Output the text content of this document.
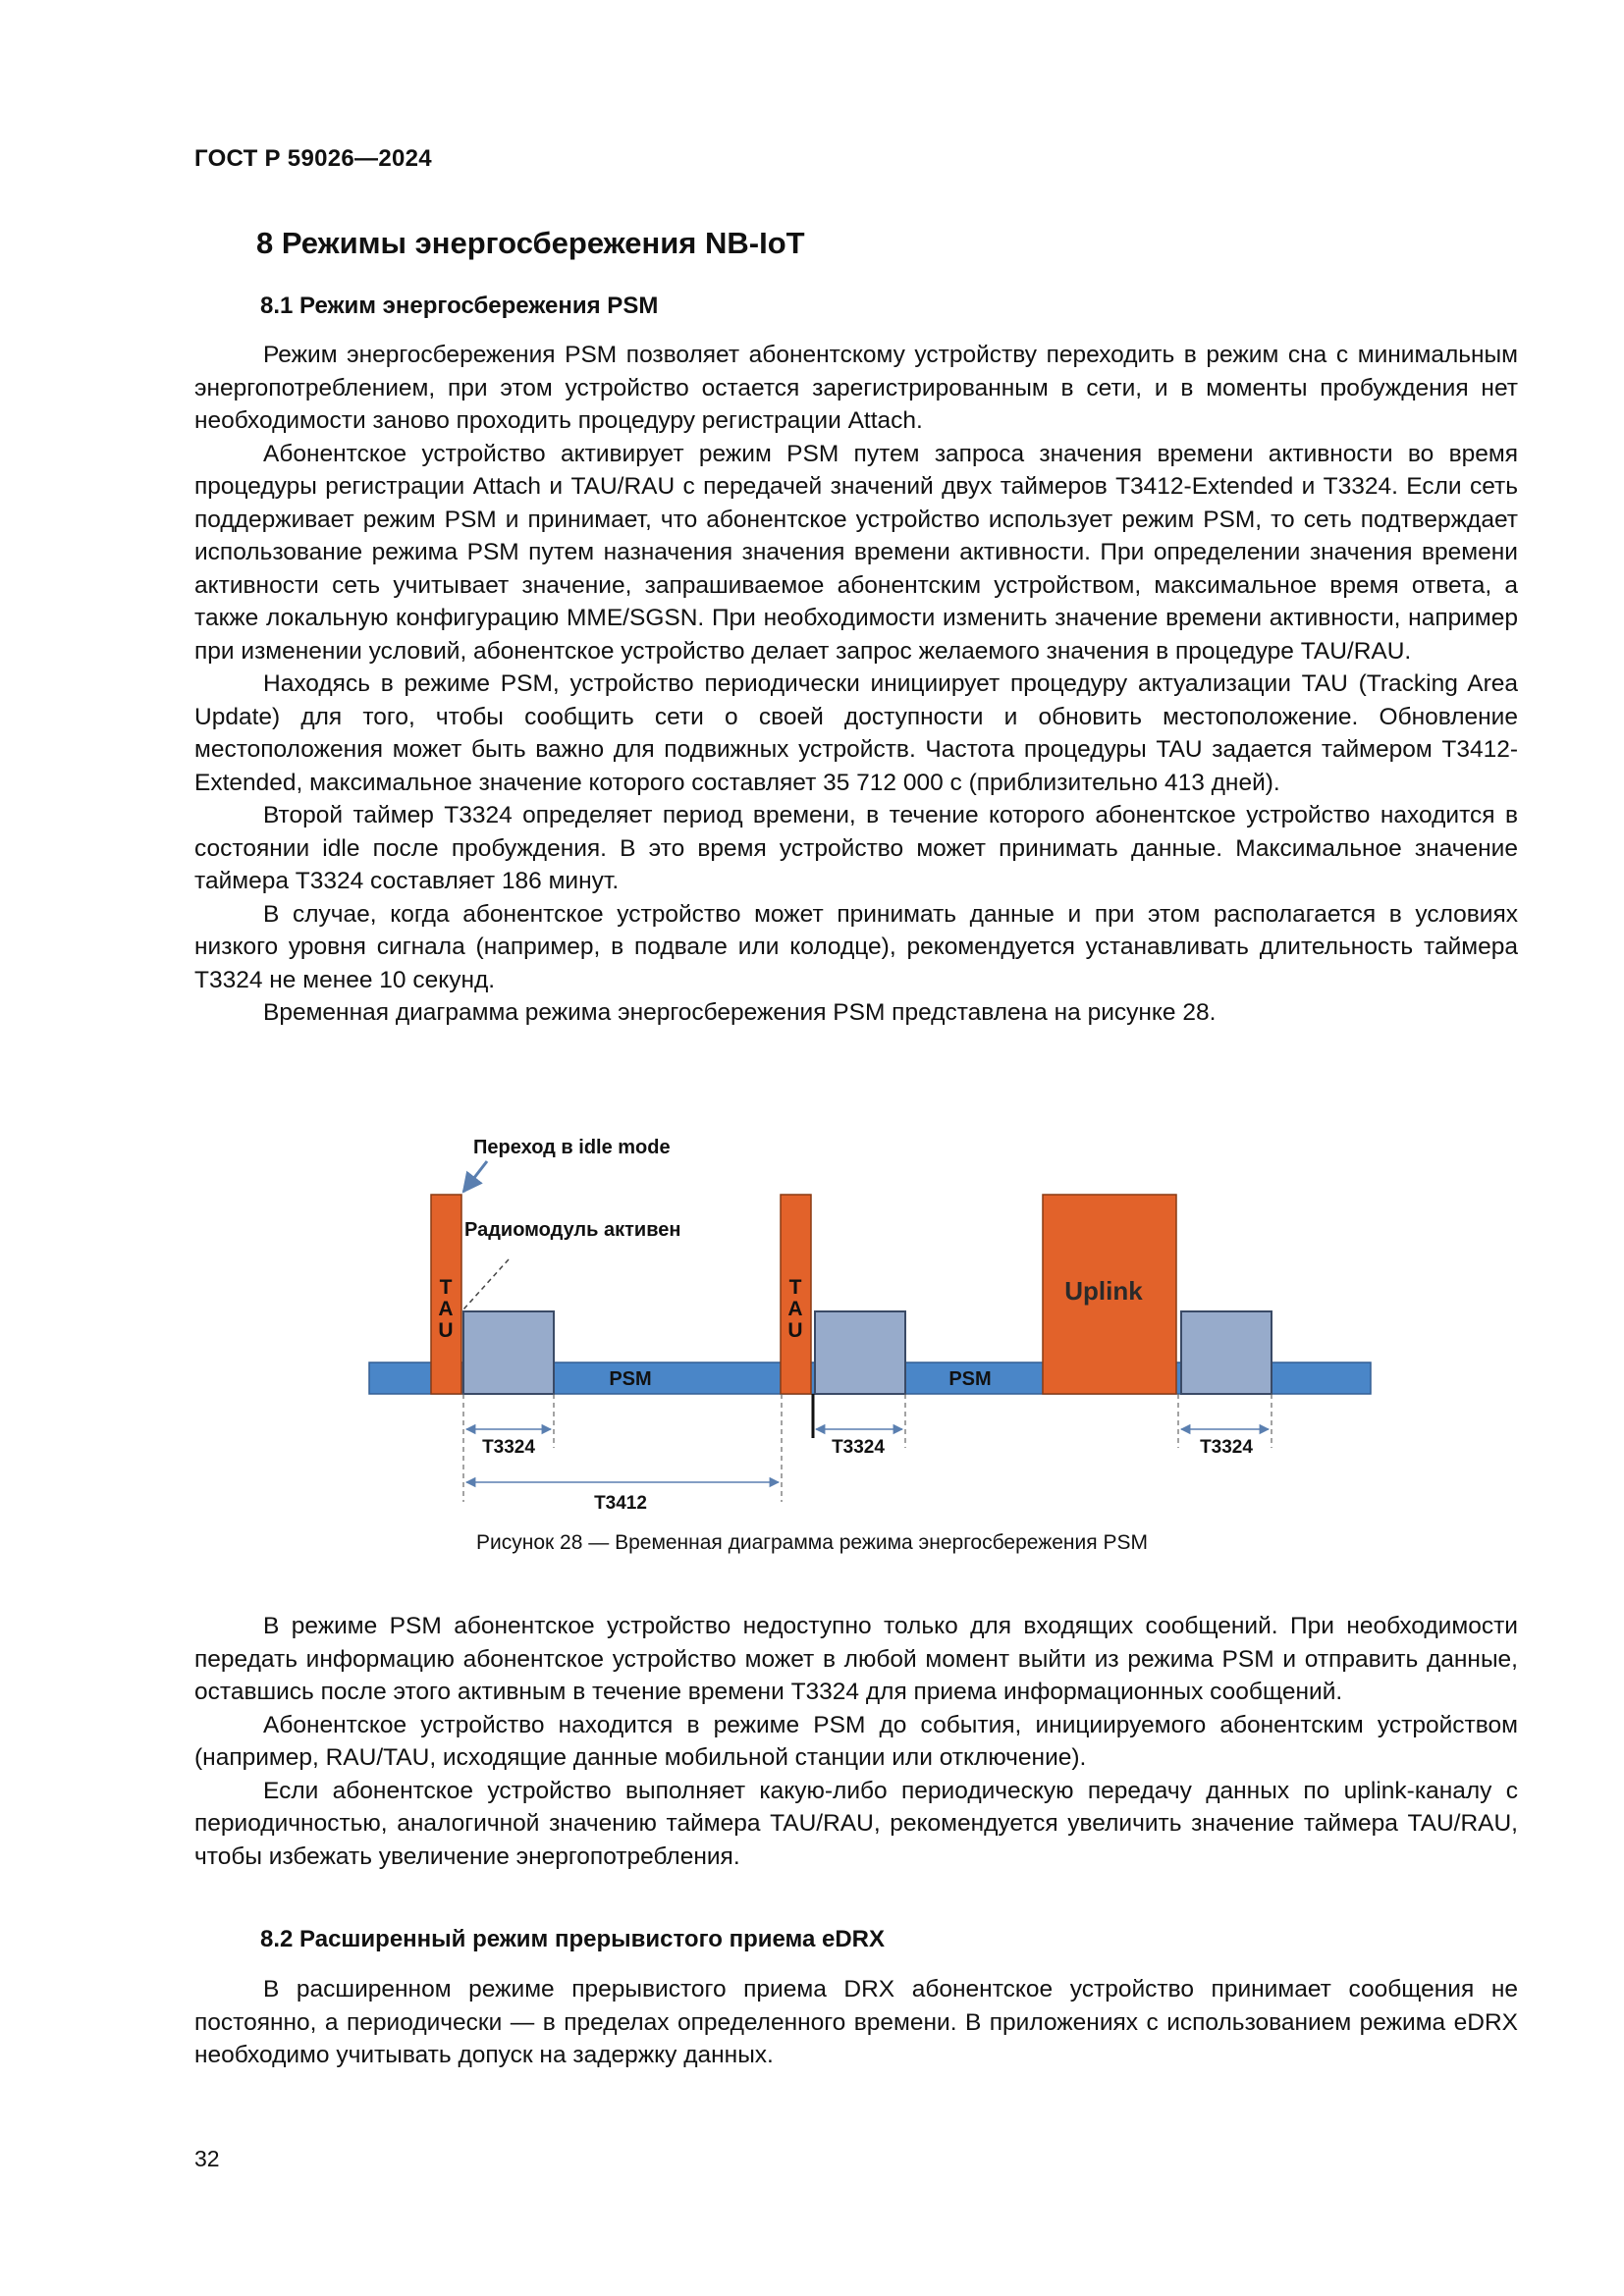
ГОСТ Р 59026—2024
8 Режимы энергосбережения NB-IoT
8.1 Режим энергосбережения PSM

Режим энергосбережения PSM позволяет абонентскому устройству переходить в режим сна с минимальным энергопотреблением, при этом устройство остается зарегистрированным в сети, и в моменты пробуждения нет необходимости заново проходить процедуру регистрации Attach.

Абонентское устройство активирует режим PSM путем запроса значения времени активности во время процедуры регистрации Attach и TAU/RAU с передачей значений двух таймеров T3412-Extended и T3324. Если сеть поддерживает режим PSM и принимает, что абонентское устройство использует режим PSM, то сеть подтверждает использование режима PSM путем назначения значения времени активности. При определении значения времени активности сеть учитывает значение, запрашиваемое абонентским устройством, максимальное время ответа, а также локальную конфигурацию MME/SGSN. При необходимости изменить значение времени активности, например при изменении условий, абонентское устройство делает запрос желаемого значения в процедуре TAU/RAU.

Находясь в режиме PSM, устройство периодически инициирует процедуру актуализации TAU (Tracking Area Update) для того, чтобы сообщить сети о своей доступности и обновить местоположение. Обновление местоположения может быть важно для подвижных устройств. Частота процедуры TAU задается таймером T3412-Extended, максимальное значение которого составляет 35 712 000 с (приблизительно 413 дней).

Второй таймер T3324 определяет период времени, в течение которого абонентское устройство находится в состоянии idle после пробуждения. В это время устройство может принимать данные. Максимальное значение таймера T3324 составляет 186 минут.

В случае, когда абонентское устройство может принимать данные и при этом располагается в условиях низкого уровня сигнала (например, в подвале или колодце), рекомендуется устанавливать длительность таймера T3324 не менее 10 секунд.

Временная диаграмма режима энергосбережения PSM представлена на рисунке 28.

T
A
U
T
A
U
Uplink
PSM	PSM
Переход в idle mode
Радиомодуль активен
T3324	T3324	T3324
T3412
Рисунок 28 — Временная диаграмма режима энергосбережения PSM

В режиме PSM абонентское устройство недоступно только для входящих сообщений. При необходимости передать информацию абонентское устройство может в любой момент выйти из режима PSM и отправить данные, оставшись после этого активным в течение времени T3324 для приема информационных сообщений.

Абонентское устройство находится в режиме PSM до события, инициируемого абонентским устройством (например, RAU/TAU, исходящие данные мобильной станции или отключение).

Если абонентское устройство выполняет какую-либо периодическую передачу данных по uplink-каналу с периодичностью, аналогичной значению таймера TAU/RAU, рекомендуется увеличить значение таймера TAU/RAU, чтобы избежать увеличение энергопотребления.

8.2 Расширенный режим прерывистого приема eDRX

В расширенном режиме прерывистого приема DRX абонентское устройство принимает сообщения не постоянно, а периодически — в пределах определенного времени. В приложениях с использованием режима eDRX необходимо учитывать допуск на задержку данных.

32
